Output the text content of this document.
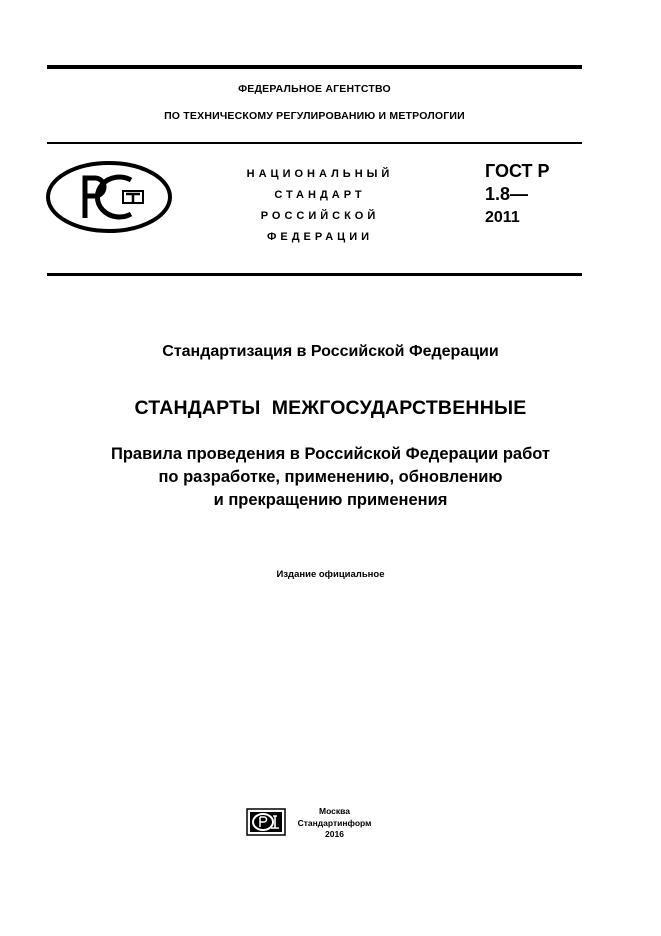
ФЕДЕРАЛЬНОЕ АГЕНТСТВО
ПО ТЕХНИЧЕСКОМУ РЕГУЛИРОВАНИЮ И МЕТРОЛОГИИ
НАЦИОНАЛЬНЫЙ
СТАНДАРТ
РОССИЙСКОЙ
ФЕДЕРАЦИИ
ГОСТ Р
1.8—
2011
Стандартизация в Российской Федерации
СТАНДАРТЫ  МЕЖГОСУДАРСТВЕННЫЕ
Правила проведения в Российской Федерации работ
по разработке, применению, обновлению
и прекращению применения
Издание официальное
Москва
Стандартинформ
2016
